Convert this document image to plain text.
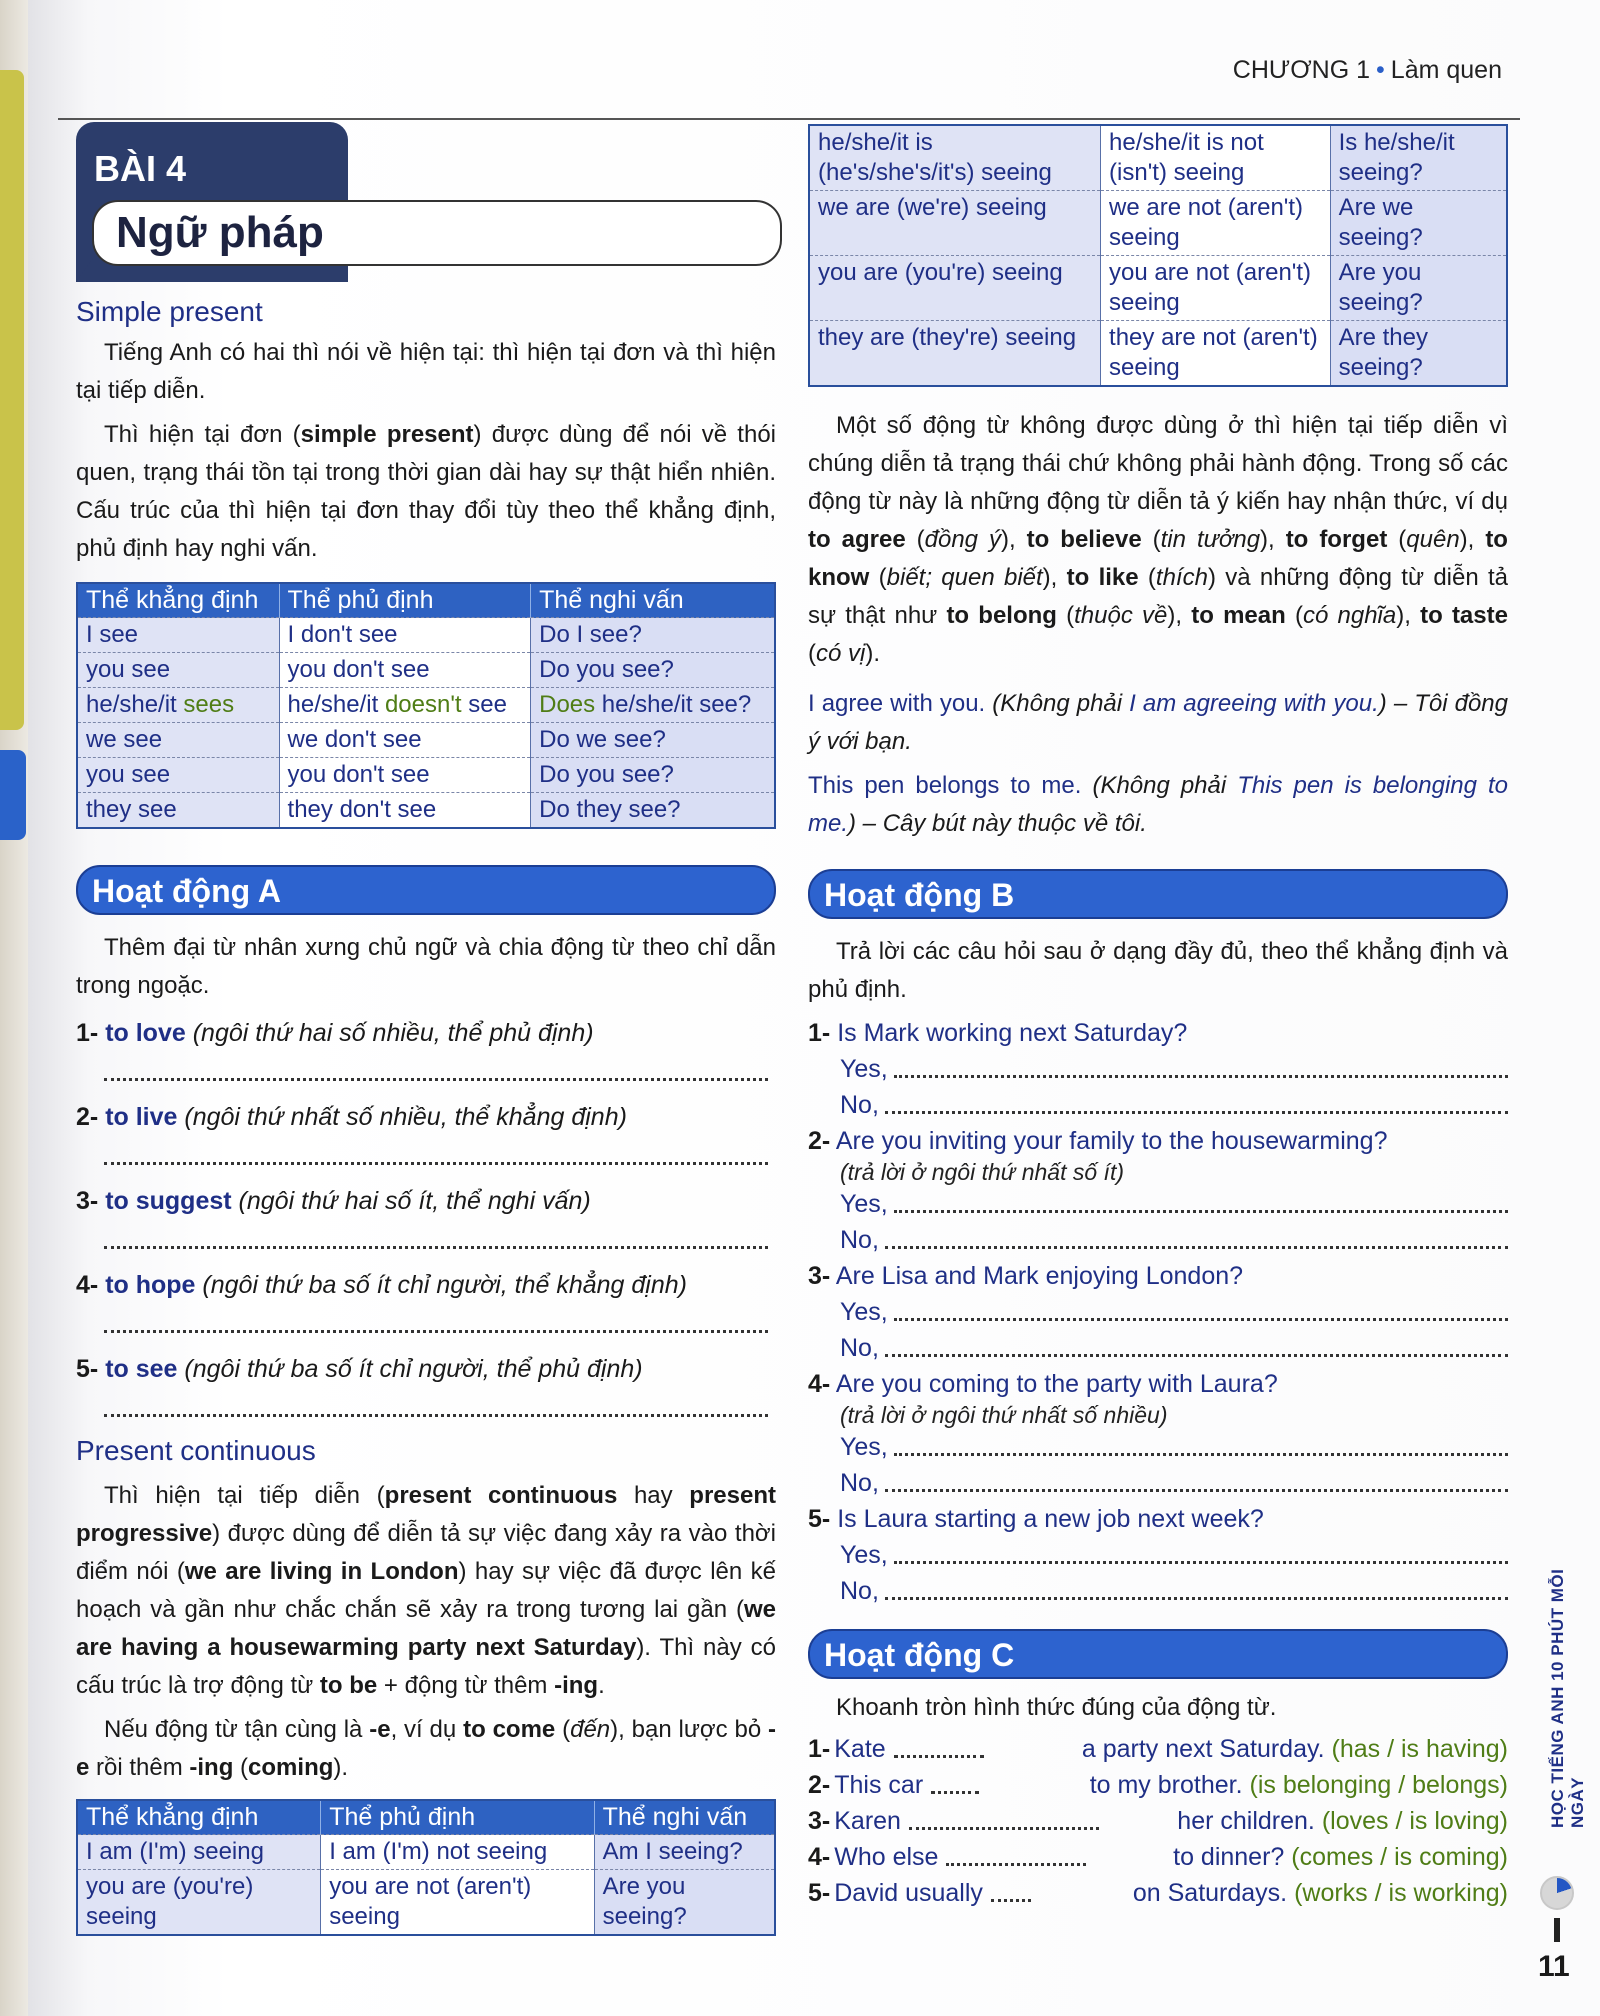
CHƯƠNG 1 • Làm quen
BÀI 4
Ngữ pháp
Simple present

Tiếng Anh có hai thì nói về hiện tại: thì hiện tại đơn và thì hiện tại tiếp diễn.

Thì hiện tại đơn (simple present) được dùng để nói về thói quen, trạng thái tồn tại trong thời gian dài hay sự thật hiển nhiên. Cấu trúc của thì hiện tại đơn thay đổi tùy theo thể khẳng định, phủ định hay nghi vấn.

Thể khẳng định	Thể phủ định	Thể nghi vấn
I see	I don't see	Do I see?
you see	you don't see	Do you see?
he/she/it sees	he/she/it doesn't see	Does he/she/it see?
we see	we don't see	Do we see?
you see	you don't see	Do you see?
they see	they don't see	Do they see?
Hoạt động A

Thêm đại từ nhân xưng chủ ngữ và chia động từ theo chỉ dẫn trong ngoặc.

1- to love (ngôi thứ hai số nhiều, thể phủ định)
2- to live (ngôi thứ nhất số nhiều, thể khẳng định)
3- to suggest (ngôi thứ hai số ít, thể nghi vấn)
4- to hope (ngôi thứ ba số ít chỉ người, thể khẳng định)
5- to see (ngôi thứ ba số ít chỉ người, thể phủ định)
Present continuous

Thì hiện tại tiếp diễn (present continuous hay present progressive) được dùng để diễn tả sự việc đang xảy ra vào thời điểm nói (we are living in London) hay sự việc đã được lên kế hoạch và gần như chắc chắn sẽ xảy ra trong tương lai gần (we are having a housewarming party next Saturday). Thì này có cấu trúc là trợ động từ to be + động từ thêm -ing.

Nếu động từ tận cùng là -e, ví dụ to come (đến), bạn lược bỏ -e rồi thêm -ing (coming).

Thể khẳng định	Thể phủ định	Thể nghi vấn
I am (I'm) seeing	I am (I'm) not seeing	Am I seeing?
you are (you're) seeing	you are not (aren't) seeing	Are you seeing?
he/she/it is (he's/she's/it's) seeing	he/she/it is not (isn't) seeing	Is he/she/it seeing?
we are (we're) seeing	we are not (aren't) seeing	Are we seeing?
you are (you're) seeing	you are not (aren't) seeing	Are you seeing?
they are (they're) seeing	they are not (aren't) seeing	Are they seeing?

Một số động từ không được dùng ở thì hiện tại tiếp diễn vì chúng diễn tả trạng thái chứ không phải hành động. Trong số các động từ này là những động từ diễn tả ý kiến hay nhận thức, ví dụ to agree (đồng ý), to believe (tin tưởng), to forget (quên), to know (biết; quen biết), to like (thích) và những động từ diễn tả sự thật như to belong (thuộc về), to mean (có nghĩa), to taste (có vị).

I agree with you. (Không phải I am agreeing with you.) – Tôi đồng ý với bạn.

This pen belongs to me. (Không phải This pen is belonging to me.) – Cây bút này thuộc về tôi.

Hoạt động B

Trả lời các câu hỏi sau ở dạng đầy đủ, theo thể khẳng định và phủ định.

1- Is Mark working next Saturday?
Yes,
No,
2- Are you inviting your family to the housewarming?
(trả lời ở ngôi thứ nhất số ít)
Yes,
No,
3- Are Lisa and Mark enjoying London?
Yes,
No,
4- Are you coming to the party with Laura?
(trả lời ở ngôi thứ nhất số nhiều)
Yes,
No,
5- Is Laura starting a new job next week?
Yes,
No,
Hoạt động C

Khoanh tròn hình thức đúng của động từ.

1- Kate	a party next Saturday. (has / is having)
2- This car	to my brother. (is belonging / belongs)
3- Karen	her children. (loves / is loving)
4- Who else	to dinner? (comes / is coming)
5- David usually	on Saturdays. (works / is working)
HỌC TIẾNG ANH 10 PHÚT MỖI NGÀY
11
